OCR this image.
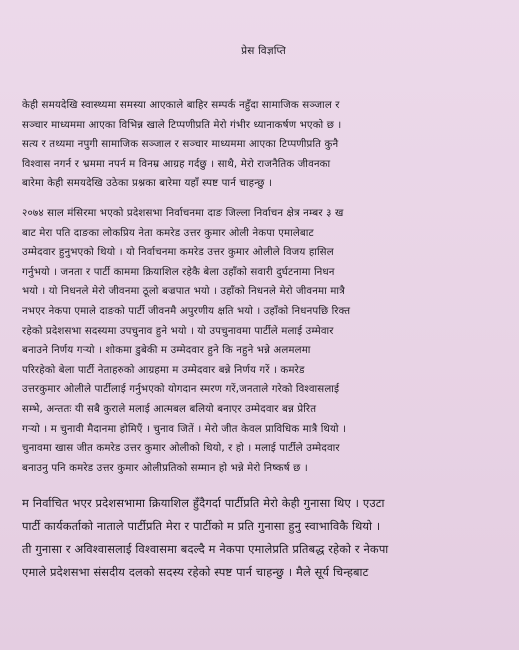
प्रेस विज्ञप्ति

केही समयदेखि स्वास्थ्यमा समस्या आएकाले बाहिर सम्पर्क नहुँदा सामाजिक सञ्जाल र
सञ्चार माध्यममा आएका विभिन्न खाले टिप्पणीप्रति मेरो गंभीर ध्यानाकर्षण भएको छ ।
सत्य र तथ्यमा नपुगी सामाजिक सञ्जाल र सञ्चार माध्यममा आएका टिप्पणीप्रति कुनै
विश्वास नगर्न र भ्रममा नपर्न म विनम्र आग्रह गर्दछु । साथै, मेरो राजनैतिक जीवनका
बारेमा केही समयदेखि उठेका प्रश्नका बारेमा यहाँ स्पष्ट पार्न चाहन्छु ।

२०७४ साल मंसिरमा भएको प्रदेशसभा निर्वाचनमा दाङ जिल्ला निर्वाचन क्षेत्र नम्बर ३ ख
बाट मेरा पति दाङका लोकप्रिय नेता कमरेड उत्तर कुमार ओली नेकपा एमालेबाट
उम्मेदवार हुनुभएको थियो । यो निर्वाचनमा कमरेड उत्तर कुमार ओलीले विजय हासिल
गर्नुभयो । जनता र पार्टी काममा क्रियाशिल रहेकै बेला उहाँको सवारी दुर्घटनामा निधन
भयो । यो निधनले मेरो जीवनमा ठूलो बज्रपात भयो । उहाँको निधनले मेरो जीवनमा मात्रै
नभएर नेकपा एमाले दाङको पार्टी जीवनमै अपुरणीय क्षति भयो । उहाँको निधनपछि रिक्त
रहेको प्रदेशसभा सदस्यमा उपचुनाव हुने भयो । यो उपचुनावमा पार्टीले मलाई उम्मेवार
बनाउने निर्णय गर्‍यो । शोकमा डुबेकी म उम्मेदवार हुने कि नहुने भन्ने अलमलमा
परिरहेको बेला पार्टी नेताहरुको आग्रहमा म उम्मेदवार बन्ने निर्णय गरें । कमरेड
उत्तरकुमार ओलीले पार्टीलाई गर्नुभएको योगदान स्मरण गरें,जनताले गरेको विश्वासलाई
सम्भेे, अन्ततः यी सबै कुराले मलाई आत्मबल बलियो बनाएर उम्मेदवार बन्न प्रेरित
गर्‍यो । म चुनावी मैदानमा होमिएँ । चुनाव जितें । मेरो जीत केवल प्राविधिक मात्रै थियो ।
चुनावमा खास जीत कमरेड उत्तर कुमार ओलीको थियो, र हो । मलाई पार्टीले उम्मेदवार
बनाउनु पनि कमरेड उत्तर कुमार ओलीप्रतिको सम्मान हो भन्ने मेरो निष्कर्ष छ ।

म निर्वाचित भएर प्रदेशसभामा क्रियाशिल हुँदैगर्दा पार्टीप्रति मेरो केही गुनासा थिए । एउटा
पार्टी कार्यकर्ताको नाताले पार्टीप्रति मेरा र पार्टीको म प्रति गुनासा हुनु स्वाभाविकै थियो ।
ती गुनासा र अविश्वासलाई विश्वासमा बदल्दै म नेकपा एमालेप्रति प्रतिबद्ध रहेको र नेकपा
एमाले प्रदेशसभा संसदीय दलको सदस्य रहेको स्पष्ट पार्न चाहन्छु । मैले सूर्य चिन्हबाट
